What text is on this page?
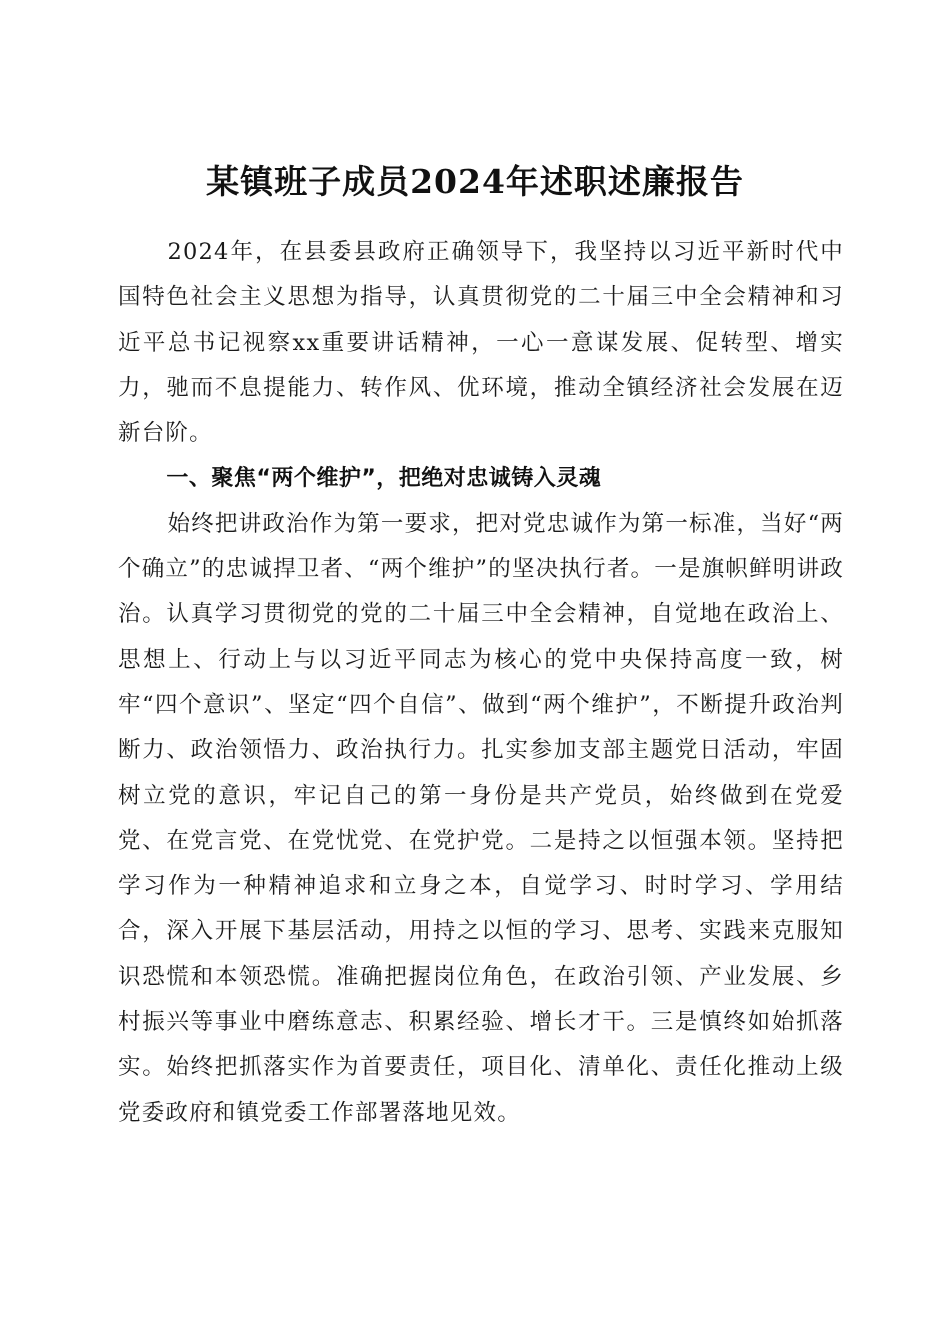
某镇班子成员2024年述职述廉报告

2024年，在县委县政府正确领导下，我坚持以习近平新时代中国特色社会主义思想为指导，认真贯彻党的二十届三中全会精神和习近平总书记视察xx重要讲话精神，一心一意谋发展、促转型、增实力，驰而不息提能力、转作风、优环境，推动全镇经济社会发展在迈新台阶。

一、聚焦“两个维护”，把绝对忠诚铸入灵魂

始终把讲政治作为第一要求，把对党忠诚作为第一标准，当好“两个确立”的忠诚捍卫者、“两个维护”的坚决执行者。一是旗帜鲜明讲政治。认真学习贯彻党的党的二十届三中全会精神，自觉地在政治上、思想上、行动上与以习近平同志为核心的党中央保持高度一致，树牢“四个意识”、坚定“四个自信”、做到“两个维护”，不断提升政治判断力、政治领悟力、政治执行力。扎实参加支部主题党日活动，牢固树立党的意识，牢记自己的第一身份是共产党员，始终做到在党爱党、在党言党、在党忧党、在党护党。二是持之以恒强本领。坚持把学习作为一种精神追求和立身之本，自觉学习、时时学习、学用结合，深入开展下基层活动，用持之以恒的学习、思考、实践来克服知识恐慌和本领恐慌。准确把握岗位角色，在政治引领、产业发展、乡村振兴等事业中磨练意志、积累经验、增长才干。三是慎终如始抓落实。始终把抓落实作为首要责任，项目化、清单化、责任化推动上级党委政府和镇党委工作部署落地见效。
